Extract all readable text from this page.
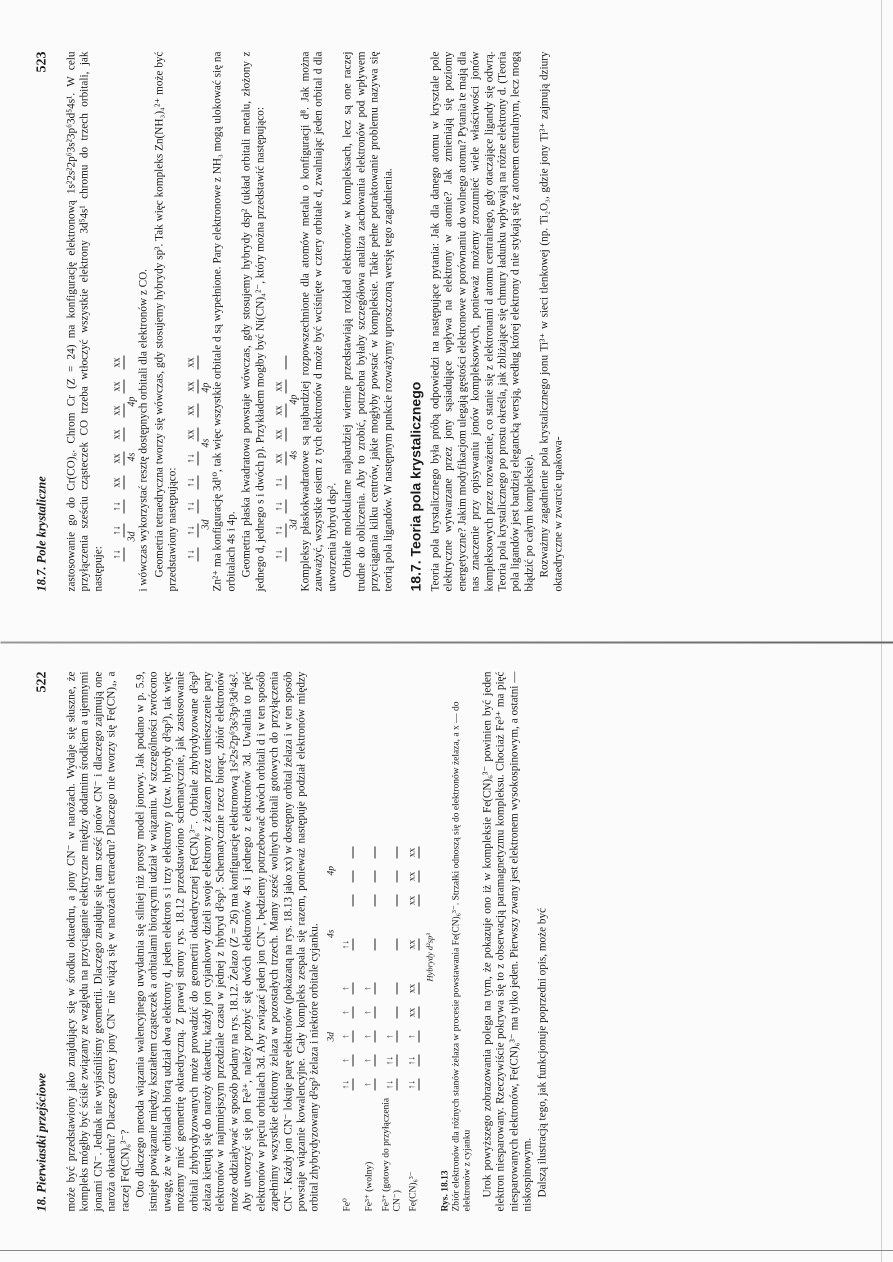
18. Pierwiastki przejściowe
522 może być przedstawiony jako znajdujący się w środku oktaedru, a jony CN⁻ w narożach. Wydaje się słuszne, że kompleks mógłby być ściśle związany ze względu na przyciąganie elektryczne między dodatnim środkiem a ujemnymi jonami CN⁻. Jednak nie wyjaśniliśmy geometrii. Dlaczego znajduje się tam sześć jonów CN⁻ i dlaczego zajmują one naroża oktaedru? Dlaczego cztery jony CN⁻ nie wiążą się w narożach tetraedru? Dlaczego nie tworzy się Fe(CN)₄, a raczej Fe(CN)₆³⁻? Oto dlaczego metoda wiązania walencyjnego uwydatnia się silniej niż prosty model jonowy. Jak podano w p. 5.9, istnieje powiązanie między kształtem cząsteczek a orbitalami biorącymi udział w wiązaniu. W szczególności zwrócono uwagę, że w orbitalach biorą udział dwa elektrony d, jeden elektron s i trzy elektrony p (tzw. hybrydy d²sp³), tak więc możemy mieć geometrię oktaedryczną. Z prawej strony rys. 18.12 przedstawiono schematycznie, jak zastosowanie orbitali zhybrydyzowanych może prowadzić do geometrii oktaedrycznej Fe(CN)₆³⁻. Orbitale zhybrydyzowane d²sp³ żelaza kierują się do naroży oktaedru; każdy jon cyjankowy dzieli swoje elektrony z żelazem przez umieszczenie pary elektronów w najmniejszym przedziale czasu w jednej z hybryd d²sp³. Schematycznie rzecz biorąc, zbiór elektronów może oddziaływać w sposób podany na rys. 18.12. Żelazo (Z = 26) ma konfigurację elektronową 1s²2s²2p⁶3s²3p⁶3d⁶4s². Aby utworzyć się jon Fe³⁺, należy pozbyć się dwóch elektronów 4s i jednego z elektronów 3d. Uwalnia to pięć elektronów w pięciu orbitalach 3d. Aby związać jeden jon CN⁻, będziemy potrzebowač dwóch orbitali d i w ten sposób zapełnimy wszystkie elektrony żelaza w pozostałych trzech. Mamy sześć wolnych orbitali gotowych do przyłączenia CN⁻. Każdy jon CN⁻ lokuje parę elektronów (pokazaną na rys. 18.13 jako xx) w dostępny orbital żelaza i w ten sposób powstaje wiązanie kowalencyjne. Cały kompleks zespala się razem, ponieważ następuje podział elektronów między orbital zhybrydyzowany d²sp³ żelaza i niektóre orbitale cyjanku. 3d
4s
4p
Fe⁰
↑↓
↑
↑
↑
↑
↑↓
Fe³⁺ (wolny)
↑
↑
↑
↑
↑
Fe³⁺ (gotowy do przyłączenia CN⁻)
↑↓
↑↓
↑
Fe(CN)₆³⁻
↑↓
↑↓
↑
xx
xx
xx
xx
xx
xx
Hybrydy d²sp³
Rys. 18.13
Zbiór elektronów dla różnych stanów żelaza w procesie powstawania Fe(CN)₆³⁻. Strzałki odnoszą się do elektronów żelaza, a x — do elektronów z cyjanku Urok powyższego zobrazowania polega na tym, że pokazuje ono iż w kompleksie Fe(CN)₆³⁻ powinien być jeden elektron niesparowany. Rzeczywiście pokrywa się to z obserwacją paramagnetyzmu kompleksu. Chociaż Fe³⁺ ma pięć niesparowanych elektronów, Fe(CN)₆³⁻ ma tylko jeden. Pierwszy zwany jest elektronem wysokospinowym, a ostatni — niskospinowym. Dalszą ilustracją tego, jak funkcjonuje poprzedni opis, może być

18.7. Pole krystaliczne
523 zastosowanie go do Cr(CO)₆. Chrom Cr (Z = 24) ma konfigurację elektronową 1s²2s²2p⁶3s²3p⁶3d⁵4s¹. W celu przyłączenia sześciu cząsteczek CO trzeba wtłoczyć wszystkie elektrony 3d⁵4s¹ chromu do trzech orbitali, jak następuje: ↑↓
↑↓
↑↓
xx
xx
xx
xx
xx
xx
3d
4s
4p i wówczas wykorzystać resztę dostępnych orbitali dla elektronów z CO. Geometria tetraedryczna tworzy się wówczas, gdy stosujemy hybrydy sp³. Tak więc kompleks Zn(NH₃)₄²⁺ może być przedstawiony następująco: ↑↓
↑↓
↑↓
↑↓
↑↓
xx
xx
xx
xx
3d
4s
4p Zn²⁺ ma konfigurację 3d¹⁰, tak więc wszystkie orbitale d są wypełnione. Pary elektronowe z NH₃ mogą ulokować się na orbitalach 4s i 4p. Geometria płaska kwadratowa powstaje wówczas, gdy stosujemy hybrydy dsp² (układ orbitali metalu, złożony z jednego d, jednego s i dwóch p). Przykładem mogłby być Ni(CN)₄²⁻, który można przedstawić następująco: ↑↓
↑↓
↑↓
↑↓
xx
xx
xx
xx
3d
4s
4p Kompleksy płaskokwadratowe są najbardziej rozpowszechnione dla atomów metalu o konfiguracji d⁸. Jak można zauważyć, wszystkie osiem z tych elektronów d może być wciśnięte w cztery orbitale d, zwalniając jeden orbital d dla utworzenia hybryd dsp². Orbitale molekularne najbardziej wiernie przedstawiają rozkład elektronów w kompleksach, lecz są one raczej trudne do obliczenia. Aby to zrobić, potrzebna byłaby szczegółowa analiza zachowania elektronów pod wpływem przyciągania kilku centrów, jakie mogłyby powstać w kompleksie. Takie pełne potraktowanie problemu nazywa się teorią pola ligandów. W następnym punkcie rozważymy uproszczoną wersję tego zagadnienia. 18.7. Teoria pola krystalicznego Teoria pola krystalicznego była próbą odpowiedzi na następujące pytania: Jak dla danego atomu w krysztale pole elektryczne wytwarzane przez jony sąsiadujące wpływa na elektrony w atomie? Jak zmieniają się poziomy energetyczne? Jakim modyfikacjom ulegają gęstości elektronowe w porównaniu do wolnego atomu? Pytania te mają dla nas znaczenie przy opisywaniu jonów kompleksowych, ponieważ możemy zrozumieć wiele właściwości jonów kompleksowych przez rozważenie, co stanie się z elektronami d atomu centralnego, gdy otaczające ligandy się odwrą. Teoria pola krystalicznego po prostu określa, jak zbliżające się chmury ładunku wpływają na różne elektrony d. (Teoria pola ligandów jest bardziej elegancką wersją, według której elektrony d nie stykają się z atomem centralnym, lecz mogą błądzić po całym kompleksie). Rozważmy zagadnienie pola krystalicznego jonu Ti³⁺ w sieci tlenkowej (np. Ti₂O₃, gdzie jony Ti³⁺ zajmują dziury oktaedryczne w zwarcie upakowa-
